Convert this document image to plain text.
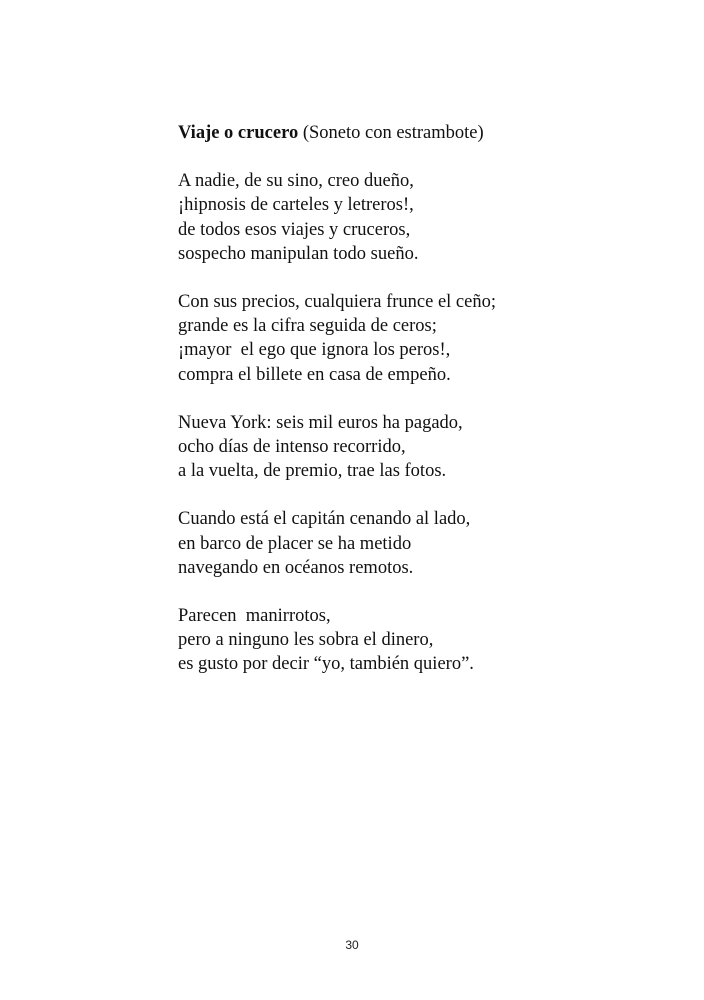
Viaje o crucero (Soneto con estrambote)
A nadie, de su sino, creo dueño,
¡hipnosis de carteles y letreros!,
de todos esos viajes y cruceros,
sospecho manipulan todo sueño.
Con sus precios, cualquiera frunce el ceño;
grande es la cifra seguida de ceros;
¡mayor  el ego que ignora los peros!,
compra el billete en casa de empeño.
Nueva York: seis mil euros ha pagado,
ocho días de intenso recorrido,
a la vuelta, de premio, trae las fotos.
Cuando está el capitán cenando al lado,
en barco de placer se ha metido
navegando en océanos remotos.
Parecen  manirrotos,
pero a ninguno les sobra el dinero,
es gusto por decir “yo, también quiero”.
30
